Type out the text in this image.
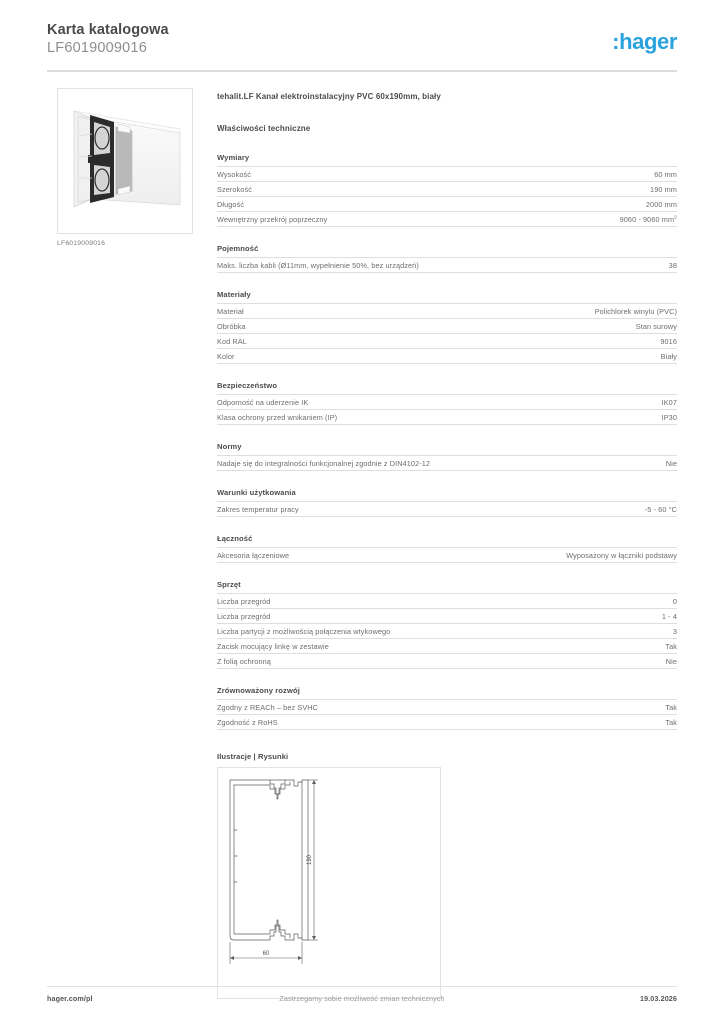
Karta katalogowa
LF6019009016	:hager
LF6019009016
tehalit.LF Kanał elektroinstalacyjny PVC 60x190mm, biały
Właściwości techniczne
Wymiary
Wysokość	60 mm
Szerokość	190 mm
Długość	2000 mm
Wewnętrzny przekrój poprzeczny	9060 - 9060 $mm^2$
Pojemność
Maks. liczba kabli (Ø11mm, wypełnienie 50%, bez urządzeń)	38
Materiały
Materiał	Polichlorek winylu (PVC)
Obróbka	Stan surowy
Kod RAL	9016
Kolor	Biały
Bezpieczeństwo
Odporność na uderzenie IK	IK07
Klasa ochrony przed wnikaniem (IP)	IP30
Normy
Nadaje się do integralności funkcjonalnej zgodnie z DIN4102-12	Nie
Warunki użytkowania
Zakres temperatur pracy	-5 - 60 °C
Łączność
Akcesoria łączeniowe	Wyposażony w łączniki podstawy
Sprzęt
Liczba przegród	0
Liczba przegród	1 - 4
Liczba partycji z możliwością połączenia wtykowego	3
Zacisk mocujący linkę w zestawie	Tak
Z folią ochronną	Nie
Zrównoważony rozwój
Zgodny z REACh – bez SVHC	Tak
Zgodność z RoHS	Tak
Ilustracje | Rysunki
190
60
hager.com/pl	Zastrzegamy sobie możliwość zmian technicznych	19.03.2026
